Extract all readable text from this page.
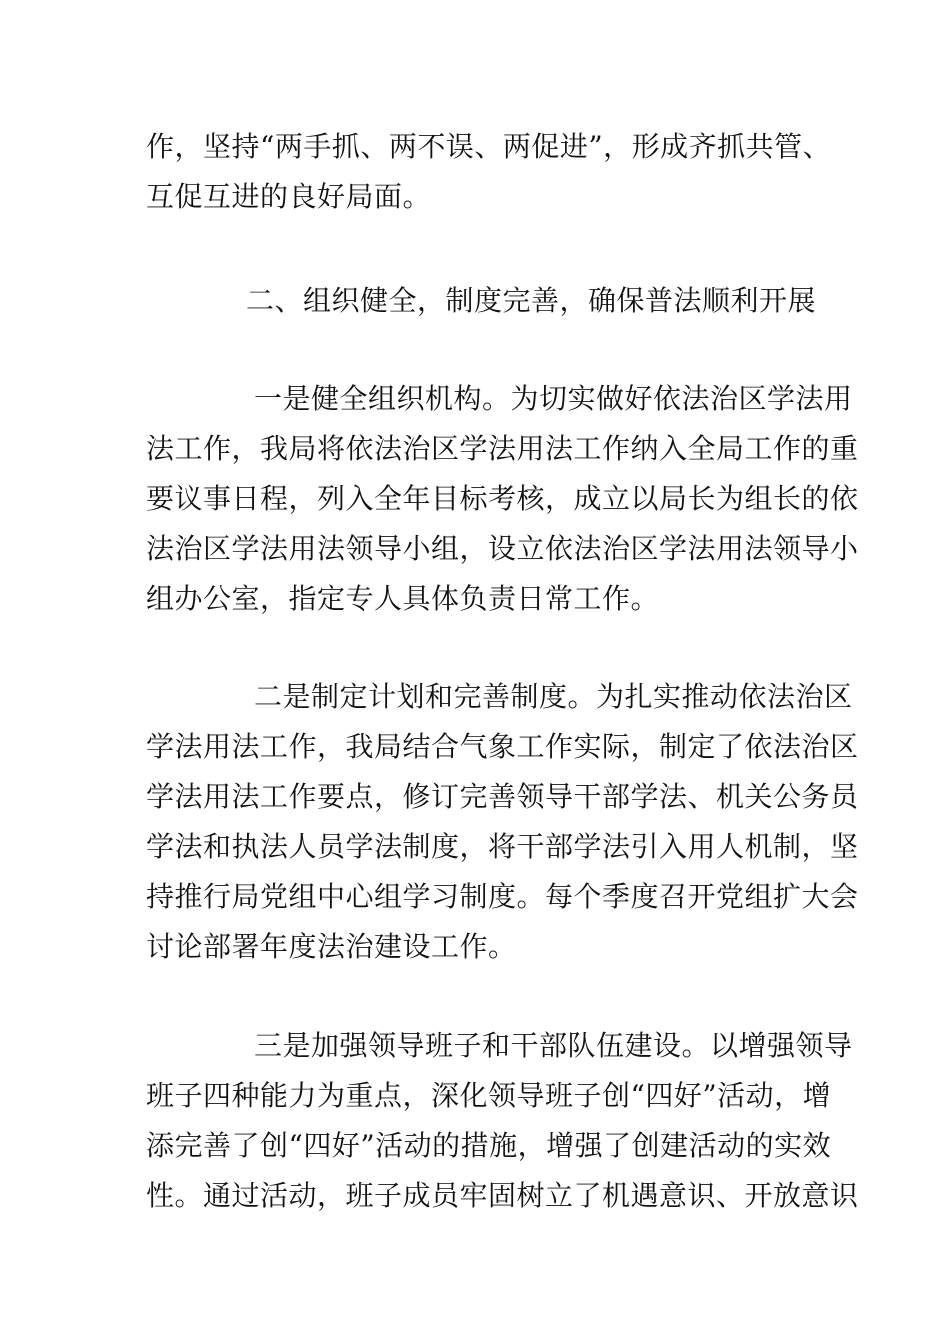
作，坚持“两手抓、两不误、两促进”，形成齐抓共管、
互促互进的良好局面。
二、组织健全，制度完善，确保普法顺利开展
一是健全组织机构。为切实做好依法治区学法用
法工作，我局将依法治区学法用法工作纳入全局工作的重
要议事日程，列入全年目标考核，成立以局长为组长的依
法治区学法用法领导小组，设立依法治区学法用法领导小
组办公室，指定专人具体负责日常工作。
二是制定计划和完善制度。为扎实推动依法治区
学法用法工作，我局结合气象工作实际，制定了依法治区
学法用法工作要点，修订完善领导干部学法、机关公务员
学法和执法人员学法制度，将干部学法引入用人机制，坚
持推行局党组中心组学习制度。每个季度召开党组扩大会
讨论部署年度法治建设工作。
三是加强领导班子和干部队伍建设。以增强领导
班子四种能力为重点，深化领导班子创“四好”活动，增
添完善了创“四好”活动的措施，增强了创建活动的实效
性。通过活动，班子成员牢固树立了机遇意识、开放意识
